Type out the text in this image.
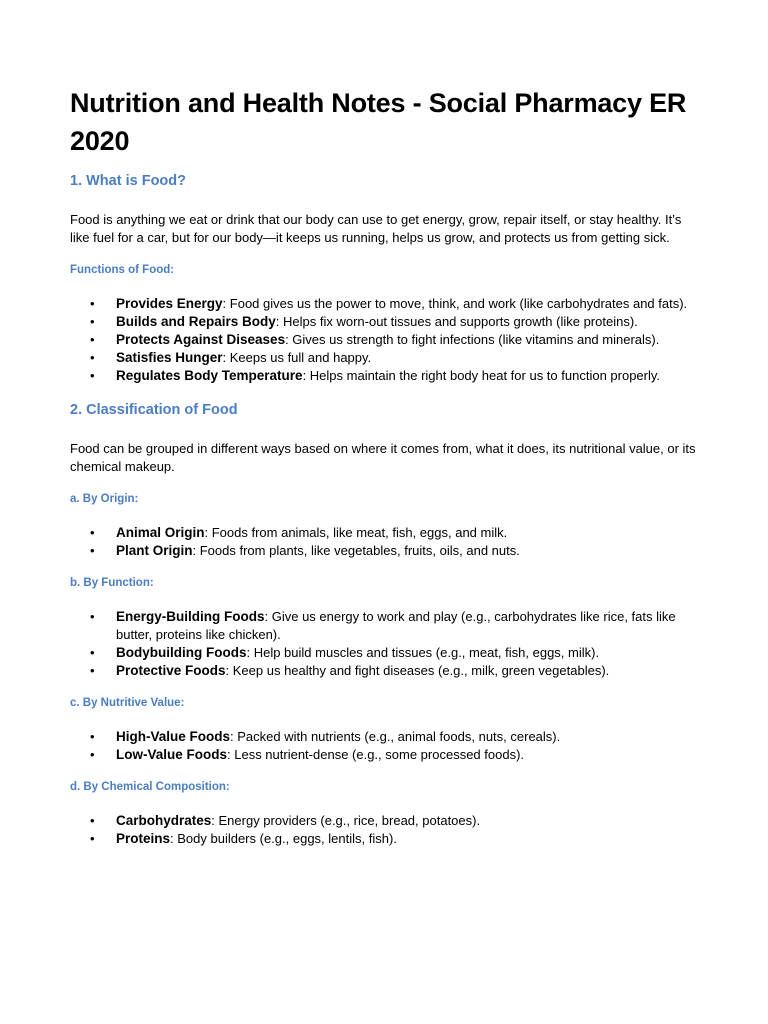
Nutrition and Health Notes - Social Pharmacy ER 2020
1. What is Food?

Food is anything we eat or drink that our body can use to get energy, grow, repair itself, or stay healthy. It’s like fuel for a car, but for our body—it keeps us running, helps us grow, and protects us from getting sick.

Functions of Food:
• Provides Energy: Food gives us the power to move, think, and work (like carbohydrates and fats).
• Builds and Repairs Body: Helps fix worn-out tissues and supports growth (like proteins).
• Protects Against Diseases: Gives us strength to fight infections (like vitamins and minerals).
• Satisfies Hunger: Keeps us full and happy.
• Regulates Body Temperature: Helps maintain the right body heat for us to function properly.
2. Classification of Food

Food can be grouped in different ways based on where it comes from, what it does, its nutritional value, or its chemical makeup.

a. By Origin:
• Animal Origin: Foods from animals, like meat, fish, eggs, and milk.
• Plant Origin: Foods from plants, like vegetables, fruits, oils, and nuts.
b. By Function:
• Energy-Building Foods: Give us energy to work and play (e.g., carbohydrates like rice, fats like butter, proteins like chicken).
• Bodybuilding Foods: Help build muscles and tissues (e.g., meat, fish, eggs, milk).
• Protective Foods: Keep us healthy and fight diseases (e.g., milk, green vegetables).
c. By Nutritive Value:
• High-Value Foods: Packed with nutrients (e.g., animal foods, nuts, cereals).
• Low-Value Foods: Less nutrient-dense (e.g., some processed foods).
d. By Chemical Composition:
• Carbohydrates: Energy providers (e.g., rice, bread, potatoes).
• Proteins: Body builders (e.g., eggs, lentils, fish).
